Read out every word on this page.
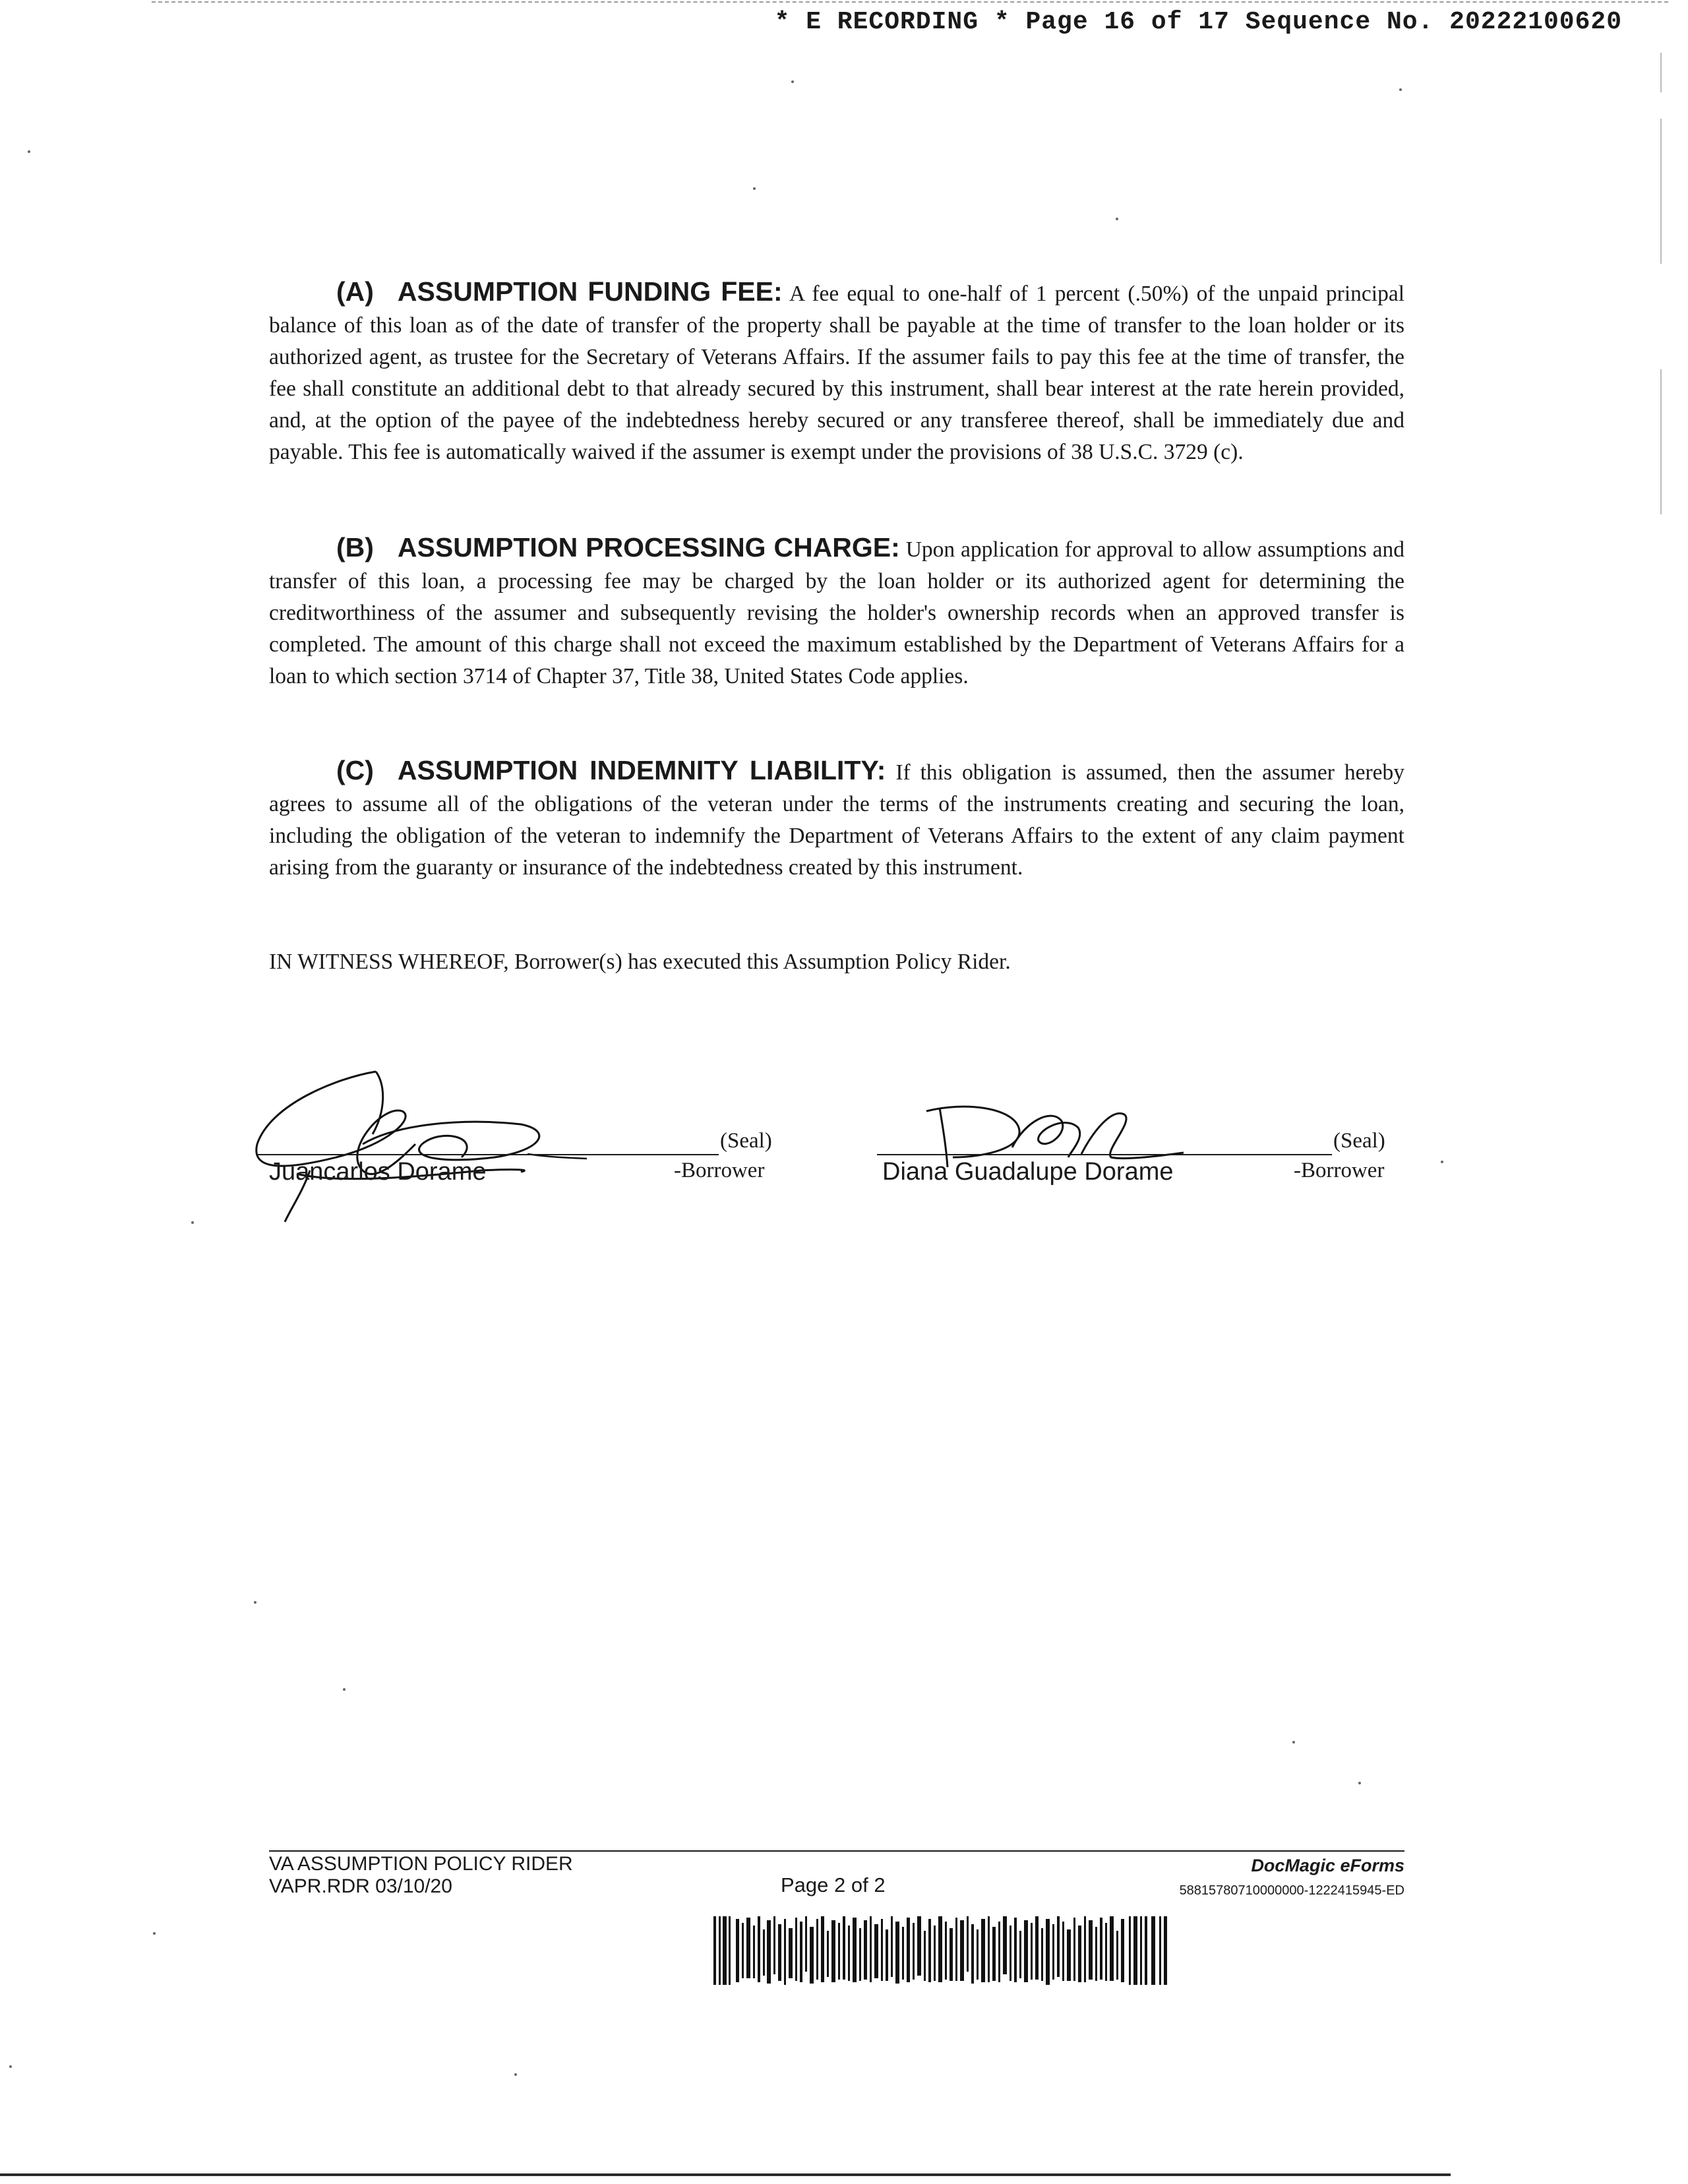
* E RECORDING * Page 16 of 17 Sequence No. 20222100620
(A) ASSUMPTION FUNDING FEE: A fee equal to one-half of 1 percent (.50%) of the unpaid principal balance of this loan as of the date of transfer of the property shall be payable at the time of transfer to the loan holder or its authorized agent, as trustee for the Secretary of Veterans Affairs. If the assumer fails to pay this fee at the time of transfer, the fee shall constitute an additional debt to that already secured by this instrument, shall bear interest at the rate herein provided, and, at the option of the payee of the indebtedness hereby secured or any transferee thereof, shall be immediately due and payable. This fee is automatically waived if the assumer is exempt under the provisions of 38 U.S.C. 3729 (c).
(B) ASSUMPTION PROCESSING CHARGE: Upon application for approval to allow assumptions and transfer of this loan, a processing fee may be charged by the loan holder or its authorized agent for determining the creditworthiness of the assumer and subsequently revising the holder's ownership records when an approved transfer is completed. The amount of this charge shall not exceed the maximum established by the Department of Veterans Affairs for a loan to which section 3714 of Chapter 37, Title 38, United States Code applies.
(C) ASSUMPTION INDEMNITY LIABILITY: If this obligation is assumed, then the assumer hereby agrees to assume all of the obligations of the veteran under the terms of the instruments creating and securing the loan, including the obligation of the veteran to indemnify the Department of Veterans Affairs to the extent of any claim payment arising from the guaranty or insurance of the indebtedness created by this instrument.
IN WITNESS WHEREOF, Borrower(s) has executed this Assumption Policy Rider.
(Seal)
Juancarlos Dorame	-Borrower
(Seal)
Diana Guadalupe Dorame	-Borrower
VA ASSUMPTION POLICY RIDER
VAPR.RDR 03/10/20	Page 2 of 2
DocMagic eForms
58815780710000000-1222415945-ED
